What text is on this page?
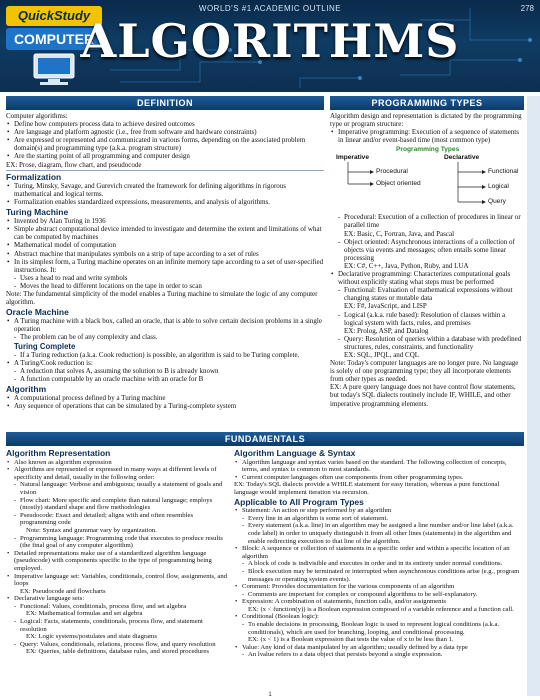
QuickStudy
COMPUTER
WORLD'S #1 ACADEMIC OUTLINE	278
ALGORITHMS
DEFINITION

Computer algorithms:

• Define how computers process data to achieve desired outcomes
• Are language and platform agnostic (i.e., free from software and hardware constraints)
• Are expressed or represented and communicated in various forms, depending on the associated problem domain(s) and programming type (a.k.a. program structure)
• Are the starting point of all programming and computer design

EX: Prose, diagram, flow chart, and pseudocode

Formalization
• Turing, Minsky, Savage, and Gurevich created the framework for defining algorithms in rigorous mathematical and logical terms.
• Formalization enables standardized expressions, measurements, and analysis of algorithms.
Turing Machine
• Invented by Alan Turing in 1936
• Simple abstract computational device intended to investigate and determine the extent and limitations of what can be computed by machines
• Mathematical model of computation
• Abstract machine that manipulates symbols on a strip of tape according to a set of rules
• In its simplest form, a Turing machine operates on an infinite memory tape according to a set of user-specified instructions. It:
- Uses a head to read and write symbols
- Moves the head to different locations on the tape in order to scan

Note: The fundamental simplicity of the model enables a Turing machine to simulate the logic of any computer algorithm.

Oracle Machine
• A Turing machine with a black box, called an oracle, that is able to solve certain decision problems in a single operation
- The problem can be of any complexity and class.
Turing Complete
- If a Turing reduction (a.k.a. Cook reduction) is possible, an algorithm is said to be Turing complete.
• A Turing/Cook reduction is:
- A reduction that solves A, assuming the solution to B is already known
- A function computable by an oracle machine with an oracle for B
Algorithm
• A computational process defined by a Turing machine
• Any sequence of operations that can be simulated by a Turing-complete system
PROGRAMMING TYPES

Algorithm design and representation is dictated by the programming type or program structure:

• Imperative programming: Execution of a sequence of statements in linear and/or event-based time (most common type)
Programming Types
Imperative	Declarative
Procedural
Object oriented
Functional
Logical
Query
- Procedural: Execution of a collection of procedures in linear or parallel time

EX: Basic, C, Fortran, Java, and Pascal

- Object oriented: Asynchronous interactions of a collection of objects via events and messages; often entails some linear processing

EX: C#, C++, Java, Python, Ruby, and LUA

• Declarative programming: Characterizes computational goals without explicitly stating what steps must be performed
- Functional: Evaluation of mathematical expressions without changing states or mutable data

EX: F#, JavaScript, and LISP

- Logical (a.k.a. rule based): Resolution of clauses within a logical system with facts, rules, and premises

EX: Prolog, ASP, and Datalog

- Query: Resolution of queries within a database with predefined structures, rules, constraints, and functionality

EX: SQL, JPQL, and CQL

Note: Today's computer languages are no longer pure. No language is solely of one programming type; they all incorporate elements from other types as needed.

EX: A pure query language does not have control flow statements, but today's SQL dialects routinely include IF, WHILE, and other imperative programming elements.

FUNDAMENTALS
Algorithm Representation
• Also known as algorithm expression
• Algorithms are represented or expressed in many ways at different levels of specificity and detail, usually in the following order:
- Natural language: Verbose and ambiguous; usually a statement of goals and vision
- Flow chart: More specific and complete than natural language; employs (mostly) standard shape and flow methodologies
- Pseudocode: Exact and detailed; aligns with and often resembles programming code

Note: Syntax and grammar vary by organization.

- Programming language: Programming code that executes to produce results (the final goal of any computer algorithm)
• Detailed representations make use of a standardized algorithm language (pseudocode) with components specific to the type of programming being employed.
• Imperative language set: Variables, conditionals, control flow, assignments, and loops

EX: Pseudocode and flowcharts

• Declarative language sets:
- Functional: Values, conditionals, process flow, and set algebra

EX: Mathematical formulas and set algebra

- Logical: Facts, statements, conditionals, process flow, and statement resolution

EX: Logic systems/postulates and state diagrams

- Query: Values, conditionals, relations, process flow, and query resolution

EX: Queries, table definitions, database rules, and stored procedures

Algorithm Language & Syntax
• Algorithm language and syntax varies based on the standard. The following collection of concepts, terms, and syntax is common to most standards.
• Current computer languages often use components from other programming types.

EX: Today's SQL dialects provide a WHILE statement for easy iteration, whereas a pure functional language would implement iteration via recursion.

Applicable to All Program Types
• Statement: An action or step performed by an algorithm
- Every line in an algorithm is some sort of statement.
- Every statement (a.k.a. line) in an algorithm may be assigned a line number and/or line label (a.k.a. code label) in order to uniquely distinguish it from all other lines (statements) in the algorithm and enable redirecting execution to that line of the algorithm.
• Block: A sequence or collection of statements in a specific order and within a specific location of an algorithm
- A block of code is indivisible and executes in order and in its entirety under normal conditions.
- Block execution may be terminated or interrupted when asynchronous conditions arise (e.g., program messages or operating system events).
• Comment: Provides documentation for the various components of an algorithm
- Comments are important for complex or compound algorithms to be self-explanatory.
• Expression: A combination of statements, function calls, and/or assignments

EX: (x < function(y)) is a Boolean expression composed of a variable reference and a function call.

• Conditional (Boolean logic):
- To enable decisions in processing, Boolean logic is used to represent logical conditions (a.k.a. conditionals), which are used for branching, looping, and conditional processing.

EX: (x < 1) is a Boolean expression that tests the value of x to be less than 1.

• Value: Any kind of data manipulated by an algorithm; usually defined by a data type
- An lvalue refers to a data object that persists beyond a single expression.
1
